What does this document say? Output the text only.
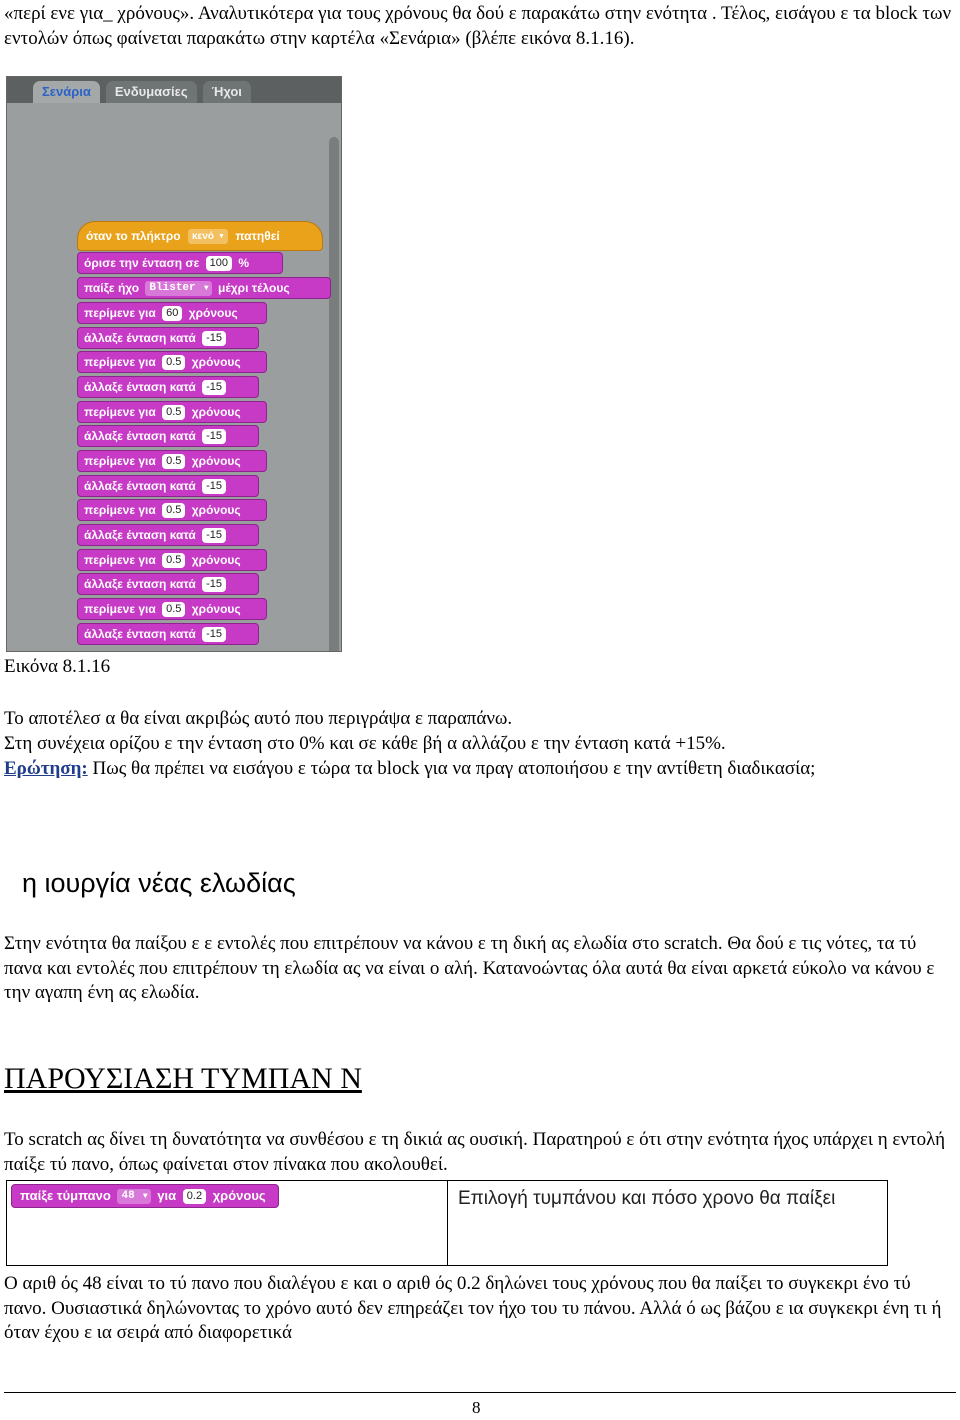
«περί ενε για_ χρόνους». Αναλυτικότερα για τους χρόνους θα δού ε παρακάτω στην ενότητα . Τέλος, εισάγου ε τα block των εντολών όπως φαίνεται παρακάτω στην καρτέλα «Σενάρια» (βλέπε εικόνα 8.1.16).

Σενάρια	Ενδυμασίες	Ήχοι
όταν το πλήκτρο κενό ▼ πατηθεί
όρισε την ένταση σε 100 %
παίξε ήχο Blister ▼ μέχρι τέλους
περίμενε για 60 χρόνους
άλλαξε ένταση κατά -15
περίμενε για 0.5 χρόνους
άλλαξε ένταση κατά -15
περίμενε για 0.5 χρόνους
άλλαξε ένταση κατά -15
περίμενε για 0.5 χρόνους
άλλαξε ένταση κατά -15
περίμενε για 0.5 χρόνους
άλλαξε ένταση κατά -15
περίμενε για 0.5 χρόνους
άλλαξε ένταση κατά -15
περίμενε για 0.5 χρόνους
άλλαξε ένταση κατά -15
Εικόνα 8.1.16

Το αποτέλεσ α θα είναι ακριβώς αυτό που περιγράψα ε παραπάνω.

Στη συνέχεια ορίζου ε την ένταση στο 0% και σε κάθε βή α αλλάζου ε την ένταση κατά +15%.

Ερώτηση: Πως θα πρέπει να εισάγου ε τώρα τα block για να πραγ ατοποιήσου ε την αντίθετη διαδικασία;

η ιουργία νέας ελωδίας

Στην ενότητα θα παίξου ε ε εντολές που επιτρέπουν να κάνου ε τη δική ας ελωδία στο scratch. Θα δού ε τις νότες, τα τύ πανα και εντολές που επιτρέπουν τη ελωδία ας να είναι ο αλή. Κατανοώντας όλα αυτά θα είναι αρκετά εύκολο να κάνου ε την αγαπη ένη ας ελωδία.

ΠΑΡΟΥΣΙΑΣΗ ΤΥΜΠΑΝ Ν

Το scratch ας δίνει τη δυνατότητα να συνθέσου ε τη δικιά ας ουσική. Παρατηρού ε ότι στην ενότητα ήχος υπάρχει η εντολή παίξε τύ πανο, όπως φαίνεται στον πίνακα που ακολουθεί.

παίξε τύμπανο 48 ▼ για 0.2 χρόνους	Επιλογή τυμπάνου και πόσο χρονο θα παίξει

Ο αριθ ός 48 είναι το τύ πανο που διαλέγου ε και ο αριθ ός 0.2 δηλώνει τους χρόνους που θα παίξει το συγκεκρι ένο τύ πανο. Ουσιαστικά δηλώνοντας το χρόνο αυτό δεν επηρεάζει τον ήχο του τυ πάνου. Αλλά ό ως βάζου ε ια συγκεκρι ένη τι ή όταν έχου ε ια σειρά από διαφορετικά

8
